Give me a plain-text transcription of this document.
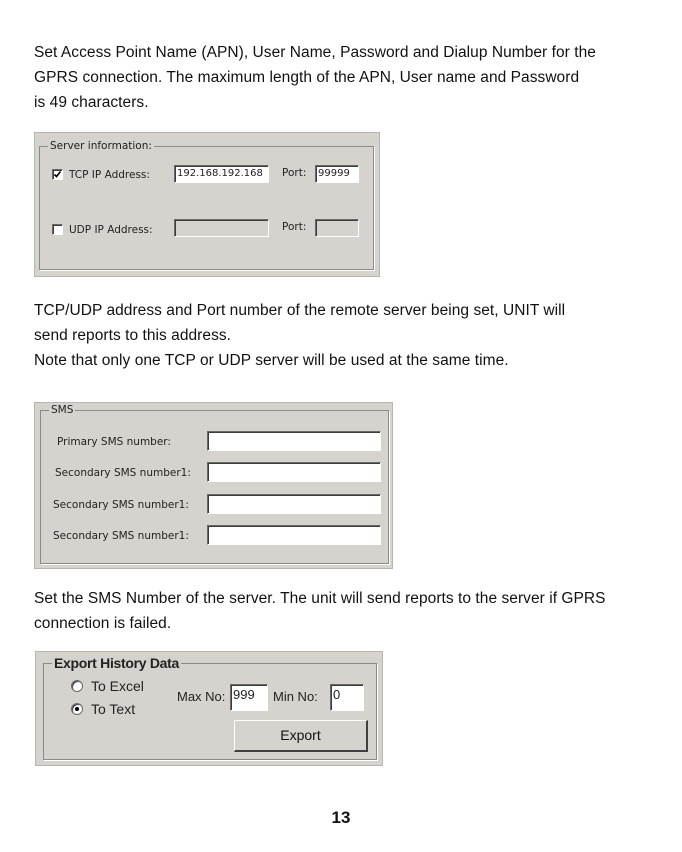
Set Access Point Name (APN), User Name, Password and Dialup Number for the
GPRS connection. The maximum length of the APN, User name and Password
is 49 characters.
Server information:
TCP IP Address:	192.168.192.168	Port:	99999
UDP IP Address:	Port:
TCP/UDP address and Port number of the remote server being set, UNIT will
send reports to this address.
Note that only one TCP or UDP server will be used at the same time.
SMS
Primary SMS number:
Secondary SMS number1:
Secondary SMS number1:
Secondary SMS number1:
Set the SMS Number of the server. The unit will send reports to the server if GPRS
connection is failed.
Export History Data
To Excel
To Text
Max No: 999	Min No: 0
Export
13
